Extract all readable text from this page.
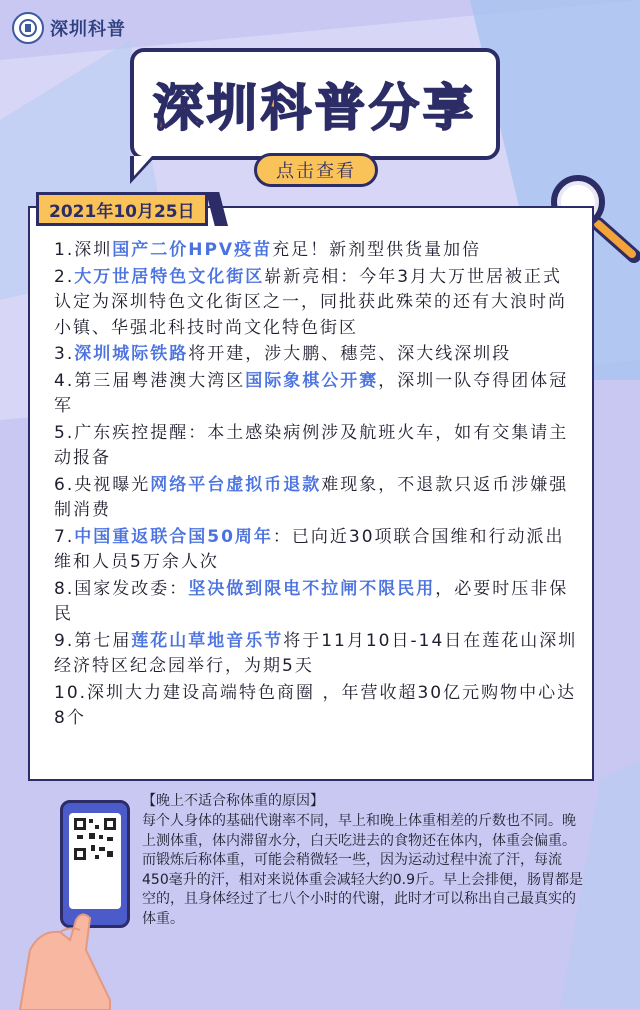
深圳科普
深圳科普分享
点击查看
2021年10月25日
1.深圳国产二价HPV疫苗充足！新剂型供货量加倍
2.大万世居特色文化街区崭新亮相：今年3月大万世居被正式认定为深圳特色文化街区之一，同批获此殊荣的还有大浪时尚小镇、华强北科技时尚文化特色街区
3.深圳城际铁路将开建，涉大鹏、穗莞、深大线深圳段
4.第三届粤港澳大湾区国际象棋公开赛，深圳一队夺得团体冠军
5.广东疾控提醒：本土感染病例涉及航班火车，如有交集请主动报备
6.央视曝光网络平台虚拟币退款难现象，不退款只返币涉嫌强制消费
7.中国重返联合国50周年：已向近30项联合国维和行动派出维和人员5万余人次
8.国家发改委：坚决做到限电不拉闸不限民用，必要时压非保民
9.第七届莲花山草地音乐节将于11月10日-14日在莲花山深圳经济特区纪念园举行，为期5天
10.深圳大力建设高端特色商圈 ，年营收超30亿元购物中心达8个
【晚上不适合称体重的原因】
每个人身体的基础代谢率不同，早上和晚上体重相差的斤数也不同。晚上测体重，体内滞留水分，白天吃进去的食物还在体内，体重会偏重。而锻炼后称体重，可能会稍微轻一些，因为运动过程中流了汗，每流450毫升的汗，相对来说体重会减轻大约0.9斤。早上会排便，肠胃都是空的，且身体经过了七八个小时的代谢，此时才可以称出自己最真实的体重。
